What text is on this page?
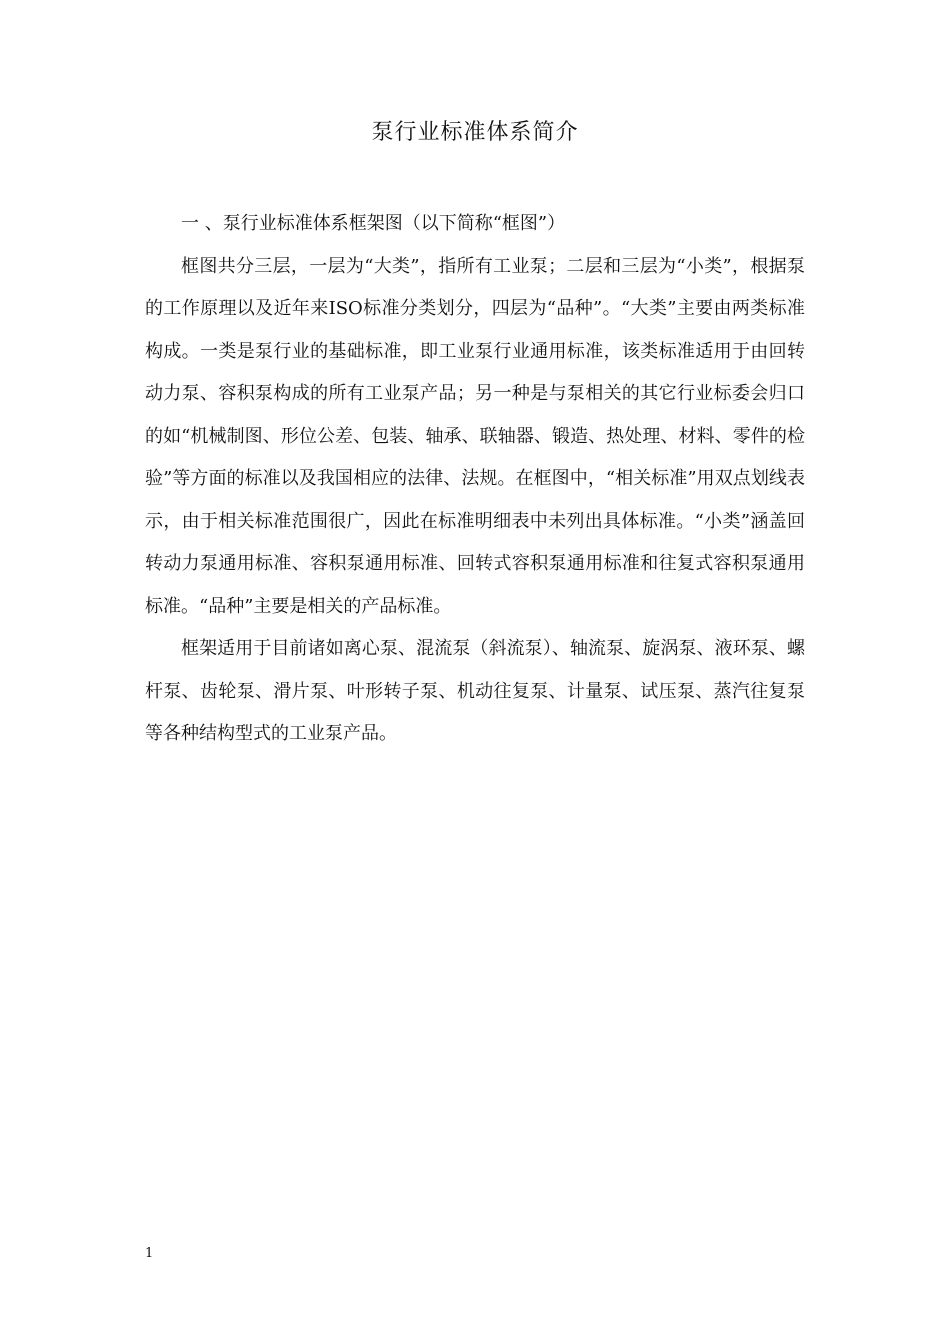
泵行业标准体系简介
一 、泵行业标准体系框架图（以下简称“框图”）

框图共分三层，一层为“大类”，指所有工业泵；二层和三层为“小类”，根据泵的工作原理以及近年来ISO标准分类划分，四层为“品种”。“大类”主要由两类标准构成。一类是泵行业的基础标准，即工业泵行业通用标准，该类标准适用于由回转动力泵、容积泵构成的所有工业泵产品；另一种是与泵相关的其它行业标委会归口的如“机械制图、形位公差、包装、轴承、联轴器、锻造、热处理、材料、零件的检验”等方面的标准以及我国相应的法律、法规。在框图中，“相关标准”用双点划线表示，由于相关标准范围很广，因此在标准明细表中未列出具体标准。“小类”涵盖回转动力泵通用标准、容积泵通用标准、回转式容积泵通用标准和往复式容积泵通用标准。“品种”主要是相关的产品标准。

框架适用于目前诸如离心泵、混流泵（斜流泵）、轴流泵、旋涡泵、液环泵、螺杆泵、齿轮泵、滑片泵、叶形转子泵、机动往复泵、计量泵、试压泵、蒸汽往复泵等各种结构型式的工业泵产品。

1
